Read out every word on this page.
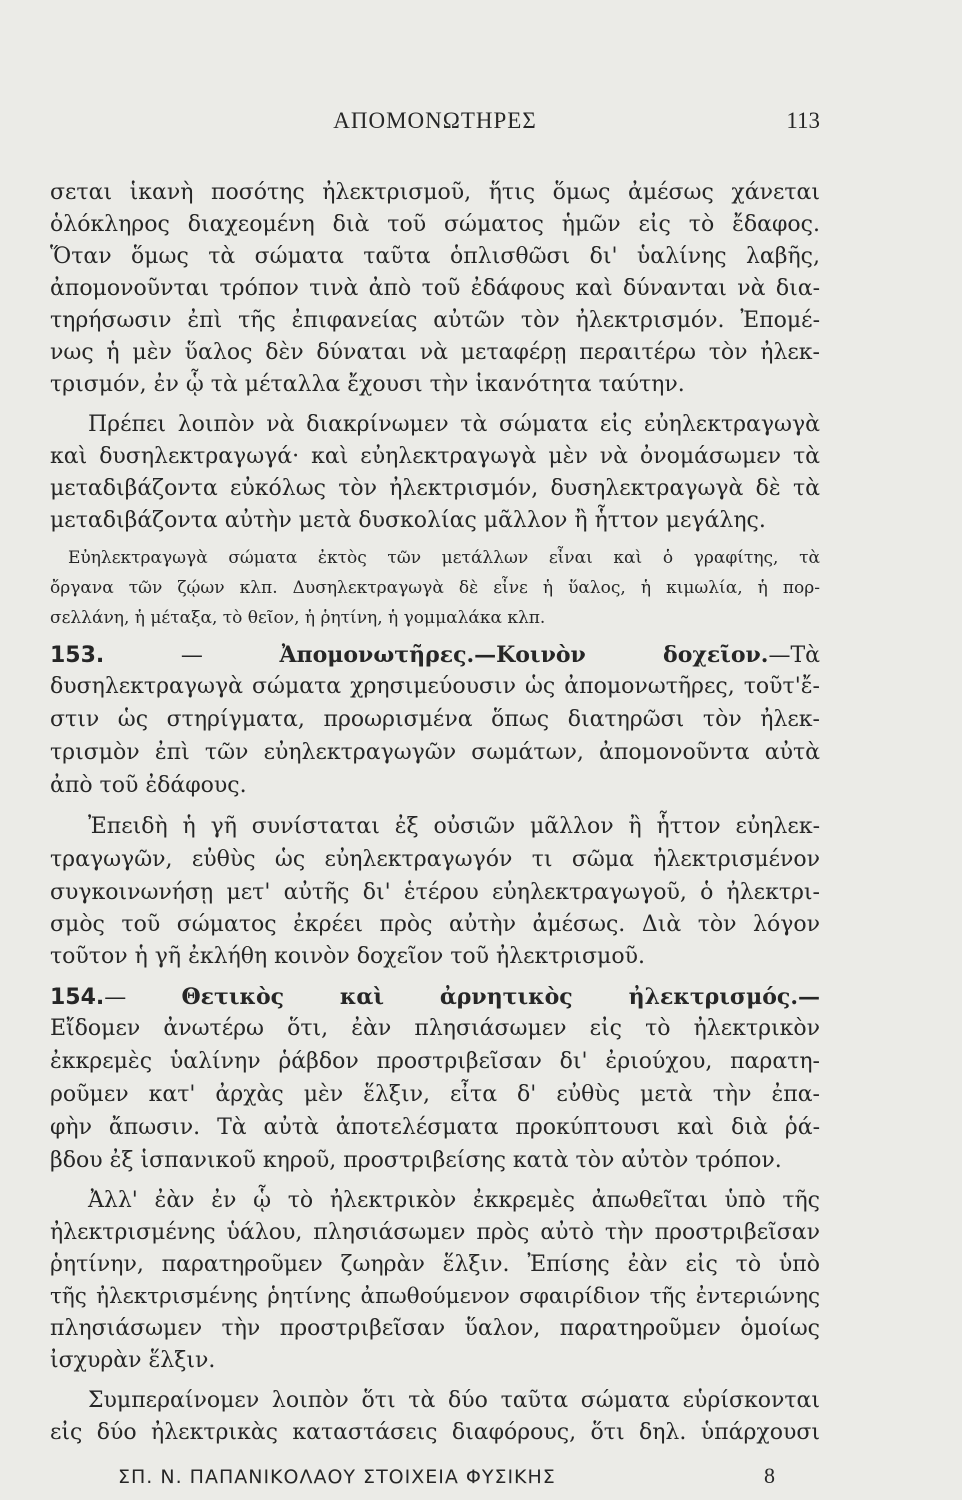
ΑΠΟΜΟΝΩΤΗΡΕΣ	113
σεται ἱκανὴ ποσότης ἠλεκτρισμοῦ, ἥτις ὅμως ἀμέσως χάνεται
ὁλόκληρος διαχεομένη διὰ τοῦ σώματος ἡμῶν εἰς τὸ ἔδαφος.
Ὅταν ὅμως τὰ σώματα ταῦτα ὁπλισθῶσι δι' ὑαλίνης λαβῆς,
ἀπομονοῦνται τρόπον τινὰ ἀπὸ τοῦ ἐδάφους καὶ δύνανται νὰ δια-
τηρήσωσιν ἐπὶ τῆς ἐπιφανείας αὐτῶν τὸν ἠλεκτρισμόν. Ἐπομέ-
νως ἡ μὲν ὕαλος δὲν δύναται νὰ μεταφέρῃ περαιτέρω τὸν ἠλεκ-
τρισμόν, ἐν ᾧ τὰ μέταλλα ἔχουσι τὴν ἱκανότητα ταύτην.
Πρέπει λοιπὸν νὰ διακρίνωμεν τὰ σώματα εἰς εὐηλεκτραγωγὰ
καὶ δυσηλεκτραγωγά· καὶ εὐηλεκτραγωγὰ μὲν νὰ ὀνομάσωμεν τὰ
μεταδιβάζοντα εὐκόλως τὸν ἠλεκτρισμόν, δυσηλεκτραγωγὰ δὲ τὰ
μεταδιβάζοντα αὐτὴν μετὰ δυσκολίας μᾶλλον ἢ ἧττον μεγάλης.
Εὐηλεκτραγωγὰ σώματα ἐκτὸς τῶν μετάλλων εἶναι καὶ ὁ γραφίτης, τὰ
ὄργανα τῶν ζῴων κλπ. Δυσηλεκτραγωγὰ δὲ εἶνε ἡ ὕαλος, ἡ κιμωλία, ἡ πορ-
σελλάνη, ἡ μέταξα, τὸ θεῖον, ἡ ῥητίνη, ἡ γομμαλάκα κλπ.
153. — Ἀπομονωτῆρες.—Κοινὸν δοχεῖον.—Τὰ
δυσηλεκτραγωγὰ σώματα χρησιμεύουσιν ὡς ἀπομονωτῆρες, τοῦτ'ἔ-
στιν ὡς στηρίγματα, προωρισμένα ὅπως διατηρῶσι τὸν ἠλεκ-
τρισμὸν ἐπὶ τῶν εὐηλεκτραγωγῶν σωμάτων, ἀπομονοῦντα αὐτὰ
ἀπὸ τοῦ ἐδάφους.
Ἐπειδὴ ἡ γῆ συνίσταται ἐξ οὐσιῶν μᾶλλον ἢ ἧττον εὐηλεκ-
τραγωγῶν, εὐθὺς ὡς εὐηλεκτραγωγόν τι σῶμα ἠλεκτρισμένον
συγκοινωνήσῃ μετ' αὐτῆς δι' ἑτέρου εὐηλεκτραγωγοῦ, ὁ ἠλεκτρι-
σμὸς τοῦ σώματος ἐκρέει πρὸς αὐτὴν ἀμέσως. Διὰ τὸν λόγον
τοῦτον ἡ γῆ ἐκλήθη κοινὸν δοχεῖον τοῦ ἠλεκτρισμοῦ.
154.— Θετικὸς καὶ ἀρνητικὸς ἠλεκτρισμός.—
Εἴδομεν ἀνωτέρω ὅτι, ἐὰν πλησιάσωμεν εἰς τὸ ἠλεκτρικὸν
ἐκκρεμὲς ὑαλίνην ῥάβδον προστριβεῖσαν δι' ἐριούχου, παρατη-
ροῦμεν κατ' ἀρχὰς μὲν ἕλξιν, εἶτα δ' εὐθὺς μετὰ τὴν ἐπα-
φὴν ἄπωσιν. Τὰ αὐτὰ ἀποτελέσματα προκύπτουσι καὶ διὰ ῥά-
βδου ἐξ ἱσπανικοῦ κηροῦ, προστριβείσης κατὰ τὸν αὐτὸν τρόπον.
Ἀλλ' ἐὰν ἐν ᾧ τὸ ἠλεκτρικὸν ἐκκρεμὲς ἀπωθεῖται ὑπὸ τῆς
ἠλεκτρισμένης ὑάλου, πλησιάσωμεν πρὸς αὐτὸ τὴν προστριβεῖσαν
ῥητίνην, παρατηροῦμεν ζωηρὰν ἕλξιν. Ἐπίσης ἐὰν εἰς τὸ ὑπὸ
τῆς ἠλεκτρισμένης ῥητίνης ἀπωθούμενον σφαιρίδιον τῆς ἐντεριώνης
πλησιάσωμεν τὴν προστριβεῖσαν ὕαλον, παρατηροῦμεν ὁμοίως
ἰσχυρὰν ἕλξιν.
Συμπεραίνομεν λοιπὸν ὅτι τὰ δύο ταῦτα σώματα εὑρίσκονται
εἰς δύο ἠλεκτρικὰς καταστάσεις διαφόρους, ὅτι δηλ. ὑπάρχουσι
ΣΠ. Ν. ΠΑΠΑΝΙΚΟΛΑΟΥ ΣΤΟΙΧΕΙΑ ΦΥΣΙΚΗΣ	8
